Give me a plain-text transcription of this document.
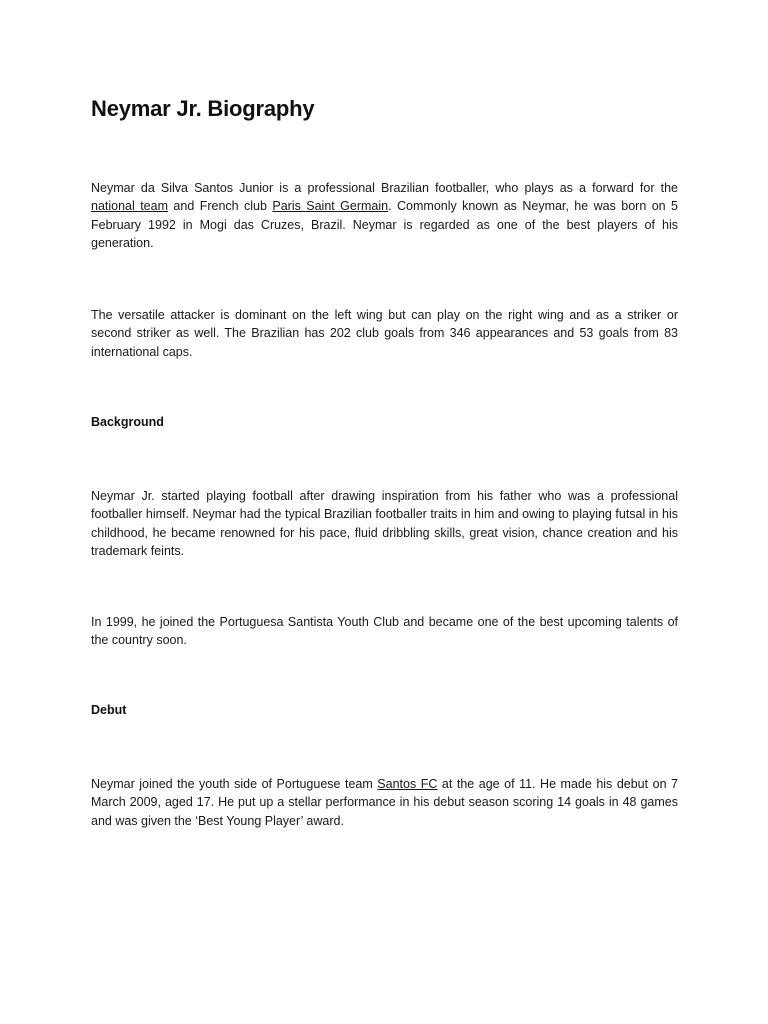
Neymar Jr. Biography

Neymar da Silva Santos Junior is a professional Brazilian footballer, who plays as a forward for the national team and French club Paris Saint Germain. Commonly known as Neymar, he was born on 5 February 1992 in Mogi das Cruzes, Brazil. Neymar is regarded as one of the best players of his generation.

The versatile attacker is dominant on the left wing but can play on the right wing and as a striker or second striker as well. The Brazilian has 202 club goals from 346 appearances and 53 goals from 83 international caps.

Background

Neymar Jr. started playing football after drawing inspiration from his father who was a professional footballer himself. Neymar had the typical Brazilian footballer traits in him and owing to playing futsal in his childhood, he became renowned for his pace, fluid dribbling skills, great vision, chance creation and his trademark feints.

In 1999, he joined the Portuguesa Santista Youth Club and became one of the best upcoming talents of the country soon.

Debut

Neymar joined the youth side of Portuguese team Santos FC at the age of 11. He made his debut on 7 March 2009, aged 17. He put up a stellar performance in his debut season scoring 14 goals in 48 games and was given the ‘Best Young Player’ award.
